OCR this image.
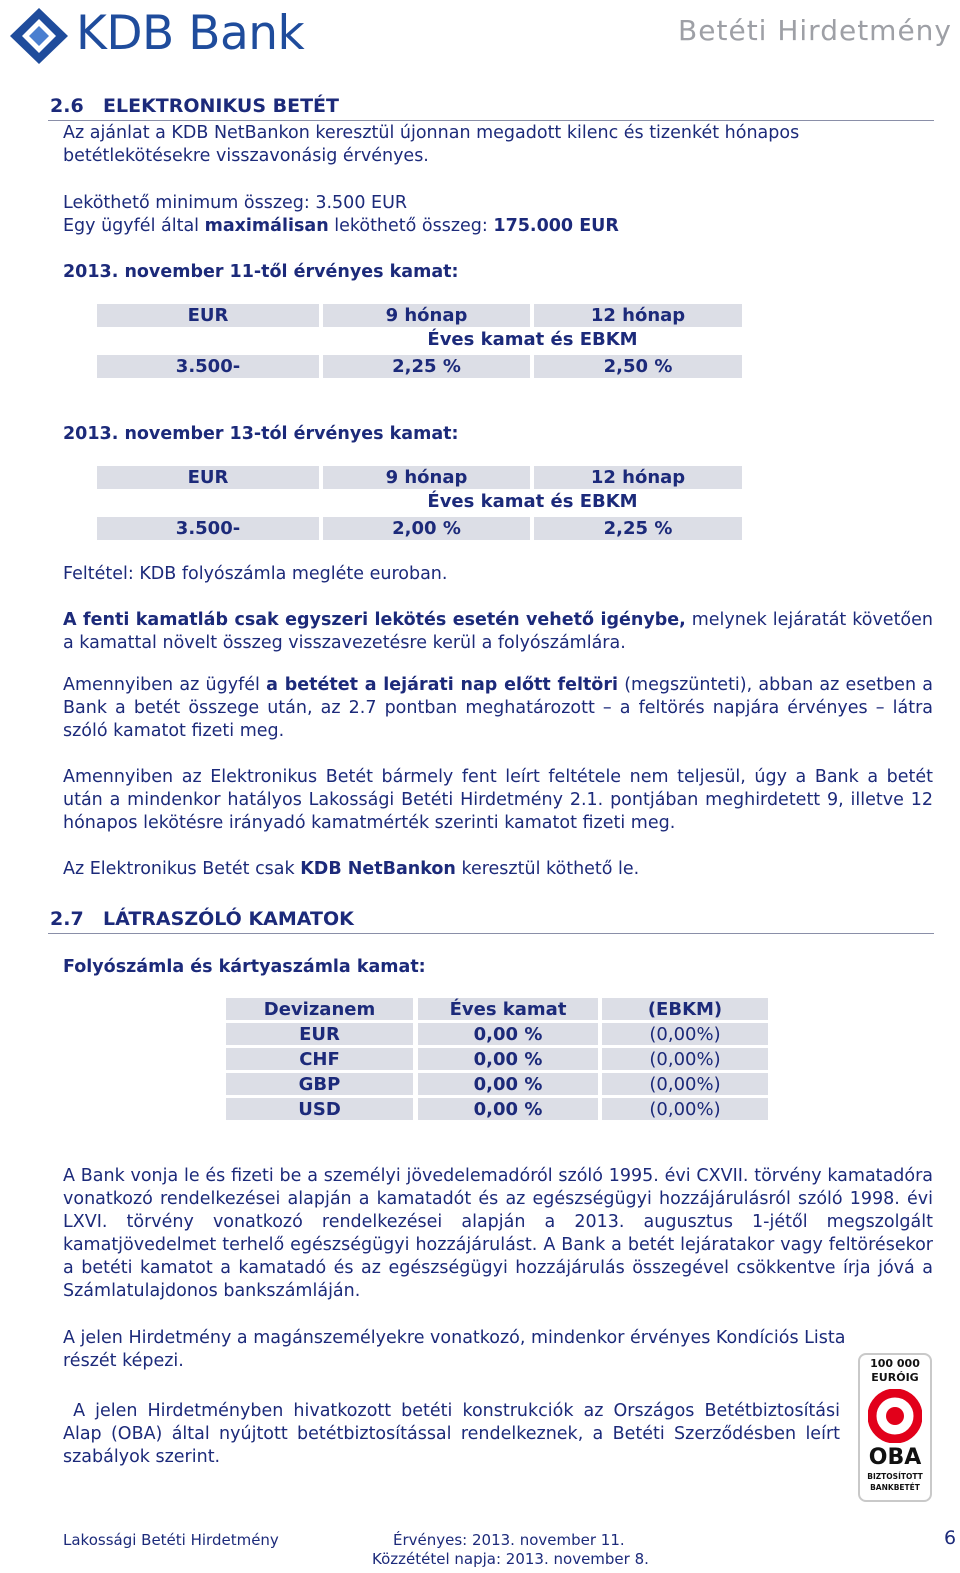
KDB Bank	Betéti Hirdetmény
2.6 ELEKTRONIKUS BETÉT
Az ajánlat a KDB NetBankon keresztül újonnan megadott kilenc és tizenkét hónapos betétlekötésekre visszavonásig érvényes.
Leköthető minimum összeg: 3.500 EUR
Egy ügyfél által maximálisan leköthető összeg: 175.000 EUR
2013. november 11-től érvényes kamat:
EUR	9 hónap	12 hónap
Éves kamat és EBKM
3.500-	2,25 %	2,50 %
2013. november 13-tól érvényes kamat:
EUR	9 hónap	12 hónap
Éves kamat és EBKM
3.500-	2,00 %	2,25 %
Feltétel: KDB folyószámla megléte euroban.
A fenti kamatláb csak egyszeri lekötés esetén vehető igénybe, melynek lejáratát követően a kamattal növelt összeg visszavezetésre kerül a folyószámlára.
Amennyiben az ügyfél a betétet a lejárati nap előtt feltöri (megszünteti), abban az esetben a Bank a betét összege után, az 2.7 pontban meghatározott – a feltörés napjára érvényes – látra szóló kamatot fizeti meg.
Amennyiben az Elektronikus Betét bármely fent leírt feltétele nem teljesül, úgy a Bank a betét után a mindenkor hatályos Lakossági Betéti Hirdetmény 2.1. pontjában meghirdetett 9, illetve 12 hónapos lekötésre irányadó kamatmérték szerinti kamatot fizeti meg.
Az Elektronikus Betét csak KDB NetBankon keresztül köthető le.
2.7 LÁTRASZÓLÓ KAMATOK
Folyószámla és kártyaszámla kamat:
Devizanem	Éves kamat	(EBKM)
EUR	0,00 %	(0,00%)
CHF	0,00 %	(0,00%)
GBP	0,00 %	(0,00%)
USD	0,00 %	(0,00%)
A Bank vonja le és fizeti be a személyi jövedelemadóról szóló 1995. évi CXVII. törvény kamatadóra vonatkozó rendelkezései alapján a kamatadót és az egészségügyi hozzájárulásról szóló 1998. évi LXVI. törvény vonatkozó rendelkezései alapján a 2013. augusztus 1-jétől megszolgált kamatjövedelmet terhelő egészségügyi hozzájárulást. A Bank a betét lejáratakor vagy feltörésekor a betéti kamatot a kamatadó és az egészségügyi hozzájárulás összegével csökkentve írja jóvá a Számlatulajdonos bankszámláján.
A jelen Hirdetmény a magánszemélyekre vonatkozó, mindenkor érvényes Kondíciós Lista részét képezi.
A jelen Hirdetményben hivatkozott betéti konstrukciók az Országos Betétbiztosítási Alap (OBA) által nyújtott betétbiztosítással rendelkeznek, a Betéti Szerződésben leírt szabályok szerint.
100 000
EURÓIG
OBA
BIZTOSÍTOTT
BANKBETÉT
Lakossági Betéti Hirdetmény	Érvényes: 2013. november 11.
Közzététel napja: 2013. november 8.
6
